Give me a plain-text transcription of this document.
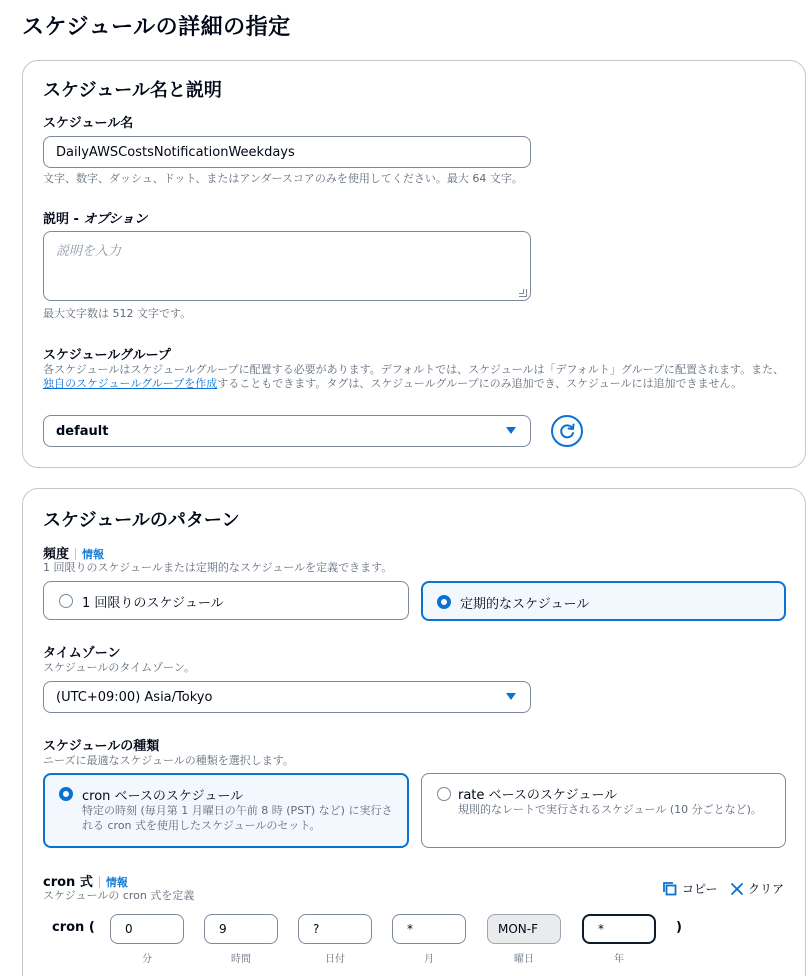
スケジュールの詳細の指定
スケジュール名と説明
スケジュール名
DailyAWSCostsNotificationWeekdays
文字、数字、ダッシュ、ドット、またはアンダースコアのみを使用してください。最大 64 文字。
説明 - オプション
説明を入力
最大文字数は 512 文字です。
スケジュールグループ
各スケジュールはスケジュールグループに配置する必要があります。デフォルトでは、スケジュールは「デフォルト」グループに配置されます。また、独自のスケジュールグループを作成することもできます。タグは、スケジュールグループにのみ追加でき、スケジュールには追加できません。
default
スケジュールのパターン
頻度 情報
1 回限りのスケジュールまたは定期的なスケジュールを定義できます。
1 回限りのスケジュール	定期的なスケジュール
タイムゾーン
スケジュールのタイムゾーン。
(UTC+09:00) Asia/Tokyo
スケジュールの種類
ニーズに最適なスケジュールの種類を選択します。
cron ベースのスケジュール
特定の時刻 (毎月第 1 月曜日の午前 8 時 (PST) など) に実行される cron 式を使用したスケジュールのセット。
rate ベースのスケジュール
規則的なレートで実行されるスケジュール (10 分ごとなど)。
cron 式 情報
スケジュールの cron 式を定義	コピー	クリア
cron (	0	9	?	*	MON-F	*	)
分	時間	日付	月	曜日	年
